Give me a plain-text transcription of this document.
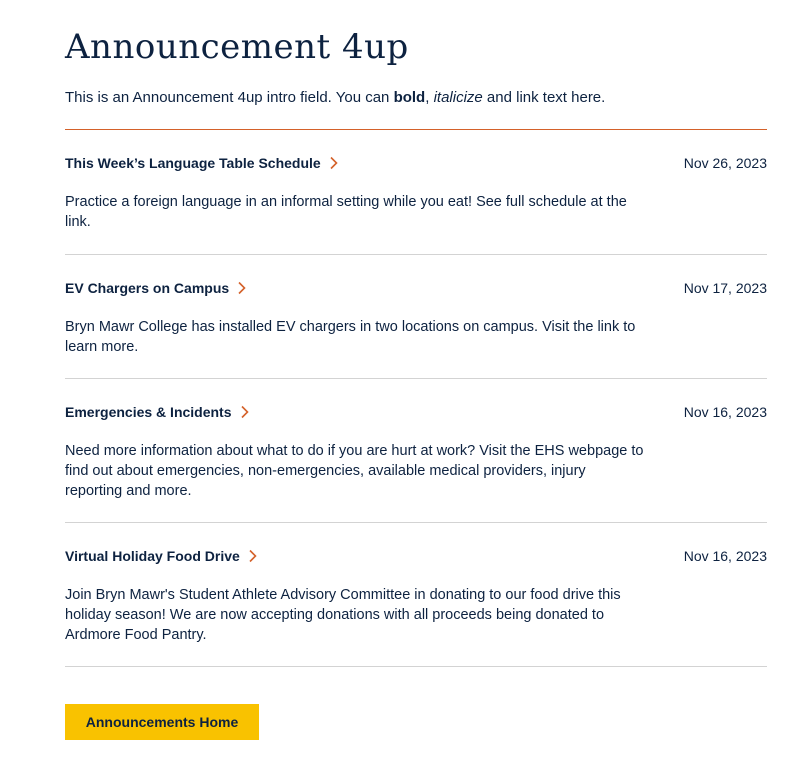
Announcement 4up

This is an Announcement 4up intro field. You can bold, italicize and link text here.

This Week’s Language Table Schedule	Nov 26, 2023
Practice a foreign language in an informal setting while you eat! See full schedule at the link.
EV Chargers on Campus	Nov 17, 2023
Bryn Mawr College has installed EV chargers in two locations on campus. Visit the link to learn more.
Emergencies & Incidents	Nov 16, 2023
Need more information about what to do if you are hurt at work? Visit the EHS webpage to find out about emergencies, non-emergencies, available medical providers, injury reporting and more.
Virtual Holiday Food Drive	Nov 16, 2023
Join Bryn Mawr's Student Athlete Advisory Committee in donating to our food drive this holiday season! We are now accepting donations with all proceeds being donated to Ardmore Food Pantry.
Announcements Home
